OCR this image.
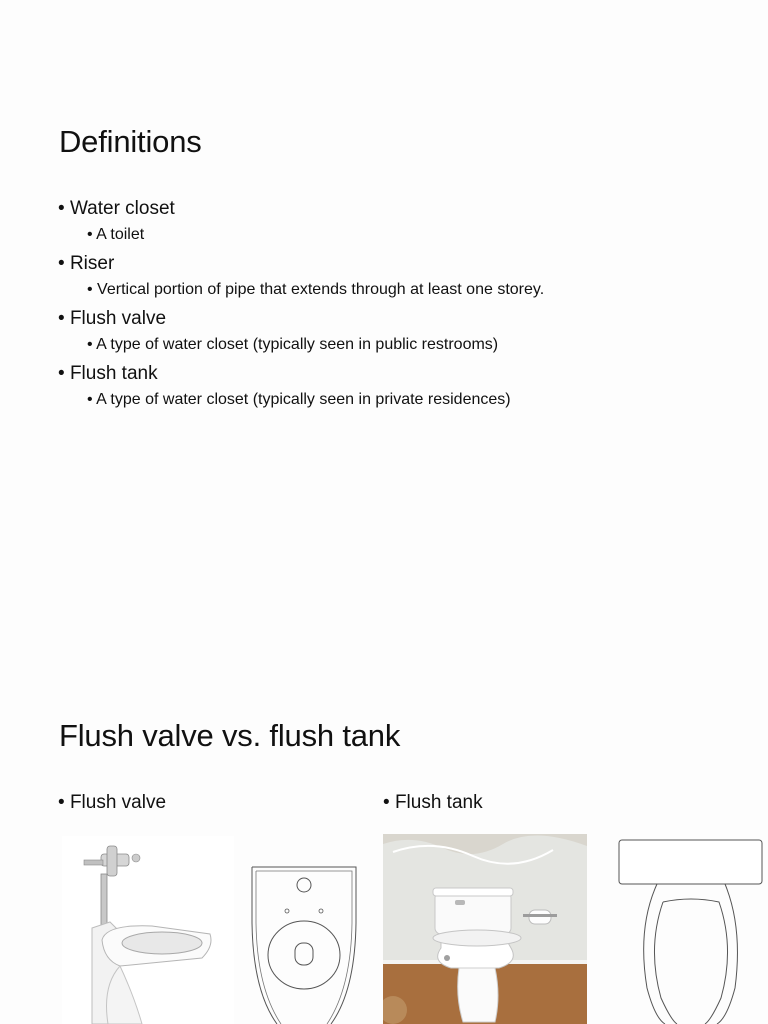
Definitions
• Water closet
• A toilet
• Riser
• Vertical portion of pipe that extends through at least one storey.
• Flush valve
• A type of water closet (typically seen in public restrooms)
• Flush tank
• A type of water closet (typically seen in private residences)
Flush valve vs. flush tank
• Flush valve
•	Flush tank
